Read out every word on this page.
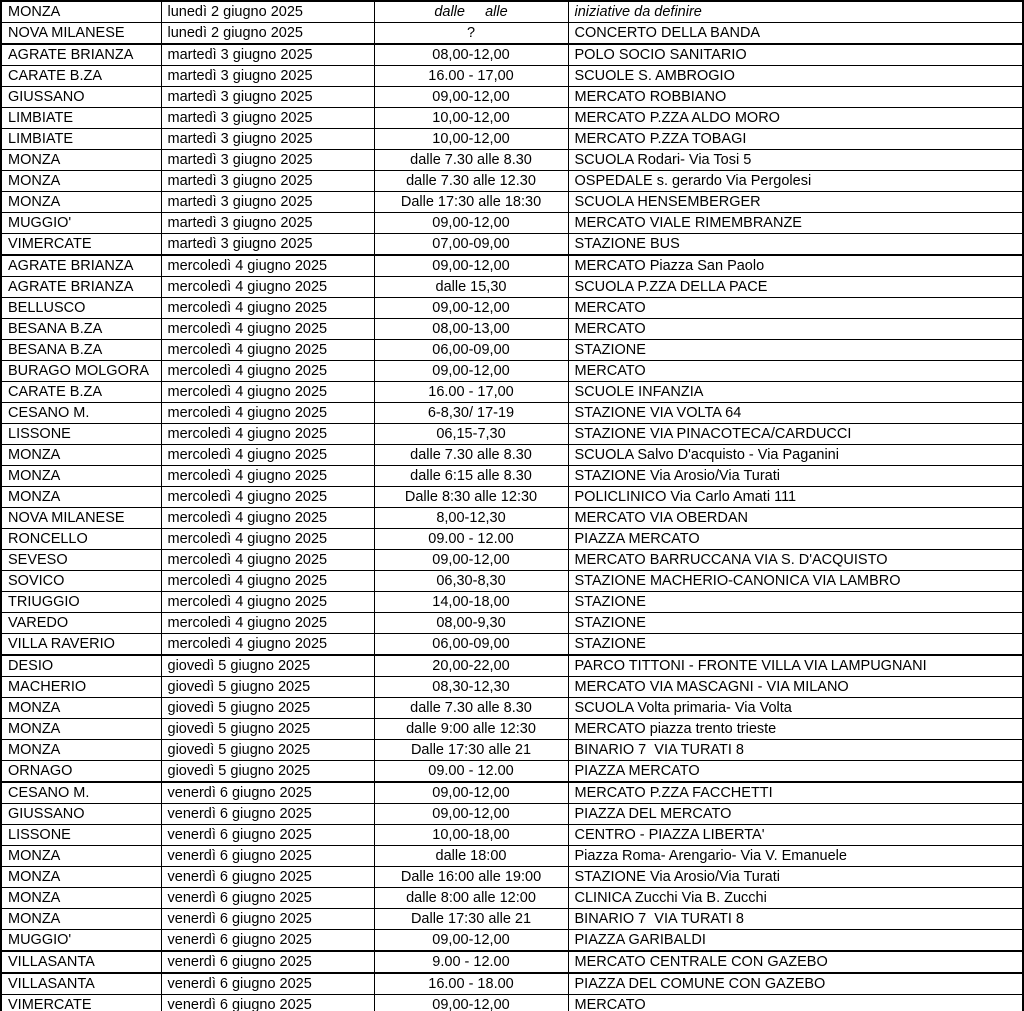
MONZA	lunedì 2 giugno 2025	dalle     alle	iniziative da definire
NOVA MILANESE	lunedì 2 giugno 2025	?	CONCERTO DELLA BANDA
AGRATE BRIANZA	martedì 3 giugno 2025	08,00-12,00	POLO SOCIO SANITARIO
CARATE B.ZA	martedì 3 giugno 2025	16.00 - 17,00	SCUOLE S. AMBROGIO
GIUSSANO	martedì 3 giugno 2025	09,00-12,00	MERCATO ROBBIANO
LIMBIATE	martedì 3 giugno 2025	10,00-12,00	MERCATO P.ZZA ALDO MORO
LIMBIATE	martedì 3 giugno 2025	10,00-12,00	MERCATO P.ZZA TOBAGI
MONZA	martedì 3 giugno 2025	dalle 7.30 alle 8.30	SCUOLA Rodari- Via Tosi 5
MONZA	martedì 3 giugno 2025	dalle 7.30 alle 12.30	OSPEDALE s. gerardo Via Pergolesi
MONZA	martedì 3 giugno 2025	Dalle 17:30 alle 18:30	SCUOLA HENSEMBERGER
MUGGIO'	martedì 3 giugno 2025	09,00-12,00	MERCATO VIALE RIMEMBRANZE
VIMERCATE	martedì 3 giugno 2025	07,00-09,00	STAZIONE BUS
AGRATE BRIANZA	mercoledì 4 giugno 2025	09,00-12,00	MERCATO Piazza San Paolo
AGRATE BRIANZA	mercoledì 4 giugno 2025	dalle 15,30	SCUOLA P.ZZA DELLA PACE
BELLUSCO	mercoledì 4 giugno 2025	09,00-12,00	MERCATO
BESANA B.ZA	mercoledì 4 giugno 2025	08,00-13,00	MERCATO
BESANA B.ZA	mercoledì 4 giugno 2025	06,00-09,00	STAZIONE
BURAGO MOLGORA	mercoledì 4 giugno 2025	09,00-12,00	MERCATO
CARATE B.ZA	mercoledì 4 giugno 2025	16.00 - 17,00	SCUOLE INFANZIA
CESANO M.	mercoledì 4 giugno 2025	6-8,30/ 17-19	STAZIONE VIA VOLTA 64
LISSONE	mercoledì 4 giugno 2025	06,15-7,30	STAZIONE VIA PINACOTECA/CARDUCCI
MONZA	mercoledì 4 giugno 2025	dalle 7.30 alle 8.30	SCUOLA Salvo D'acquisto - Via Paganini
MONZA	mercoledì 4 giugno 2025	dalle 6:15 alle 8.30	STAZIONE Via Arosio/Via Turati
MONZA	mercoledì 4 giugno 2025	Dalle 8:30 alle 12:30	POLICLINICO Via Carlo Amati 111
NOVA MILANESE	mercoledì 4 giugno 2025	8,00-12,30	MERCATO VIA OBERDAN
RONCELLO	mercoledì 4 giugno 2025	09.00 - 12.00	PIAZZA MERCATO
SEVESO	mercoledì 4 giugno 2025	09,00-12,00	MERCATO BARRUCCANA VIA S. D'ACQUISTO
SOVICO	mercoledì 4 giugno 2025	06,30-8,30	STAZIONE MACHERIO-CANONICA VIA LAMBRO
TRIUGGIO	mercoledì 4 giugno 2025	14,00-18,00	STAZIONE
VAREDO	mercoledì 4 giugno 2025	08,00-9,30	STAZIONE
VILLA RAVERIO	mercoledì 4 giugno 2025	06,00-09,00	STAZIONE
DESIO	giovedì 5 giugno 2025	20,00-22,00	PARCO TITTONI - FRONTE VILLA VIA LAMPUGNANI
MACHERIO	giovedì 5 giugno 2025	08,30-12,30	MERCATO VIA MASCAGNI - VIA MILANO
MONZA	giovedì 5 giugno 2025	dalle 7.30 alle 8.30	SCUOLA Volta primaria- Via Volta
MONZA	giovedì 5 giugno 2025	dalle 9:00 alle 12:30	MERCATO piazza trento trieste
MONZA	giovedì 5 giugno 2025	Dalle 17:30 alle 21	BINARIO 7  VIA TURATI 8
ORNAGO	giovedì 5 giugno 2025	09.00 - 12.00	PIAZZA MERCATO
CESANO M.	venerdì 6 giugno 2025	09,00-12,00	MERCATO P.ZZA FACCHETTI
GIUSSANO	venerdì 6 giugno 2025	09,00-12,00	PIAZZA DEL MERCATO
LISSONE	venerdì 6 giugno 2025	10,00-18,00	CENTRO - PIAZZA LIBERTA'
MONZA	venerdì 6 giugno 2025	dalle 18:00	Piazza Roma- Arengario- Via V. Emanuele
MONZA	venerdì 6 giugno 2025	Dalle 16:00 alle 19:00	STAZIONE Via Arosio/Via Turati
MONZA	venerdì 6 giugno 2025	dalle 8:00 alle 12:00	CLINICA Zucchi Via B. Zucchi
MONZA	venerdì 6 giugno 2025	Dalle 17:30 alle 21	BINARIO 7  VIA TURATI 8
MUGGIO'	venerdì 6 giugno 2025	09,00-12,00	PIAZZA GARIBALDI
VILLASANTA	venerdì 6 giugno 2025	9.00 - 12.00	MERCATO CENTRALE CON GAZEBO
VILLASANTA	venerdì 6 giugno 2025	16.00 - 18.00	PIAZZA DEL COMUNE CON GAZEBO
VIMERCATE	venerdì 6 giugno 2025	09,00-12,00	MERCATO
